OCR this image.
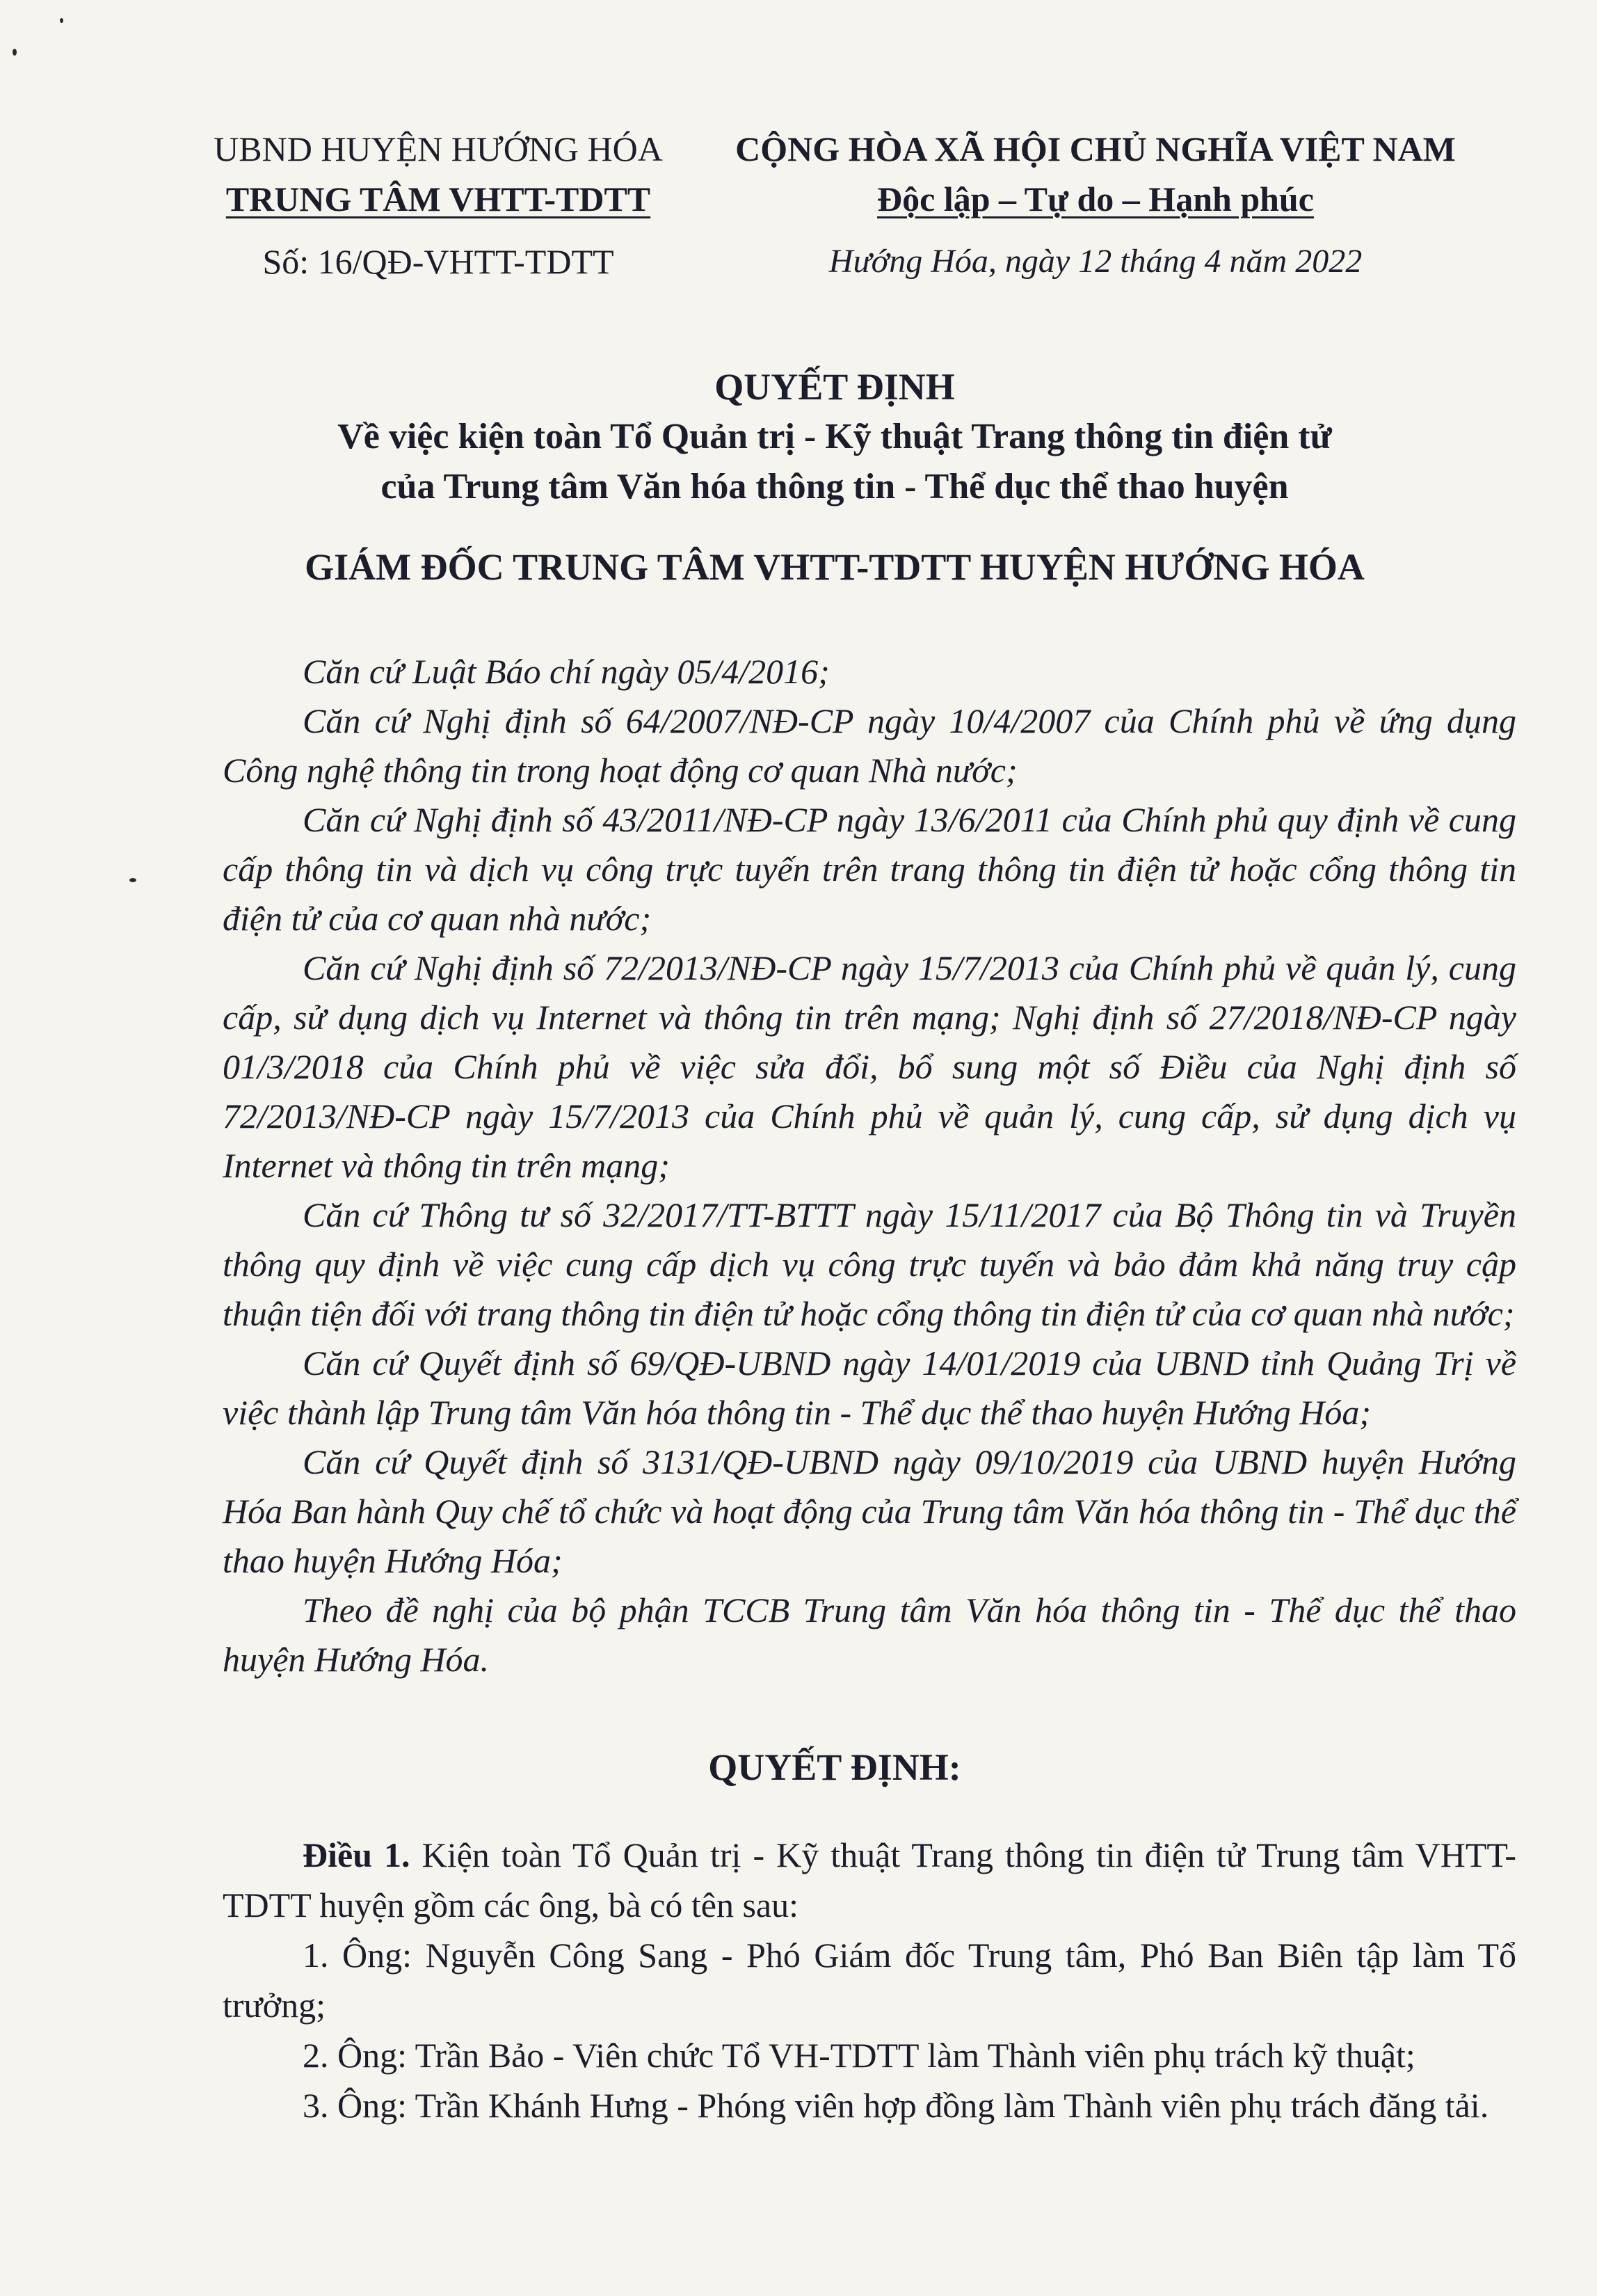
UBND HUYỆN HƯỚNG HÓA
TRUNG TÂM VHTT-TDTT
Số: 16/QĐ-VHTT-TDTT
CỘNG HÒA XÃ HỘI CHỦ NGHĨA VIỆT NAM
Độc lập – Tự do – Hạnh phúc
Hướng Hóa, ngày 12 tháng 4 năm 2022
QUYẾT ĐỊNH
Về việc kiện toàn Tổ Quản trị - Kỹ thuật Trang thông tin điện tử
của Trung tâm Văn hóa thông tin - Thể dục thể thao huyện
GIÁM ĐỐC TRUNG TÂM VHTT-TDTT HUYỆN HƯỚNG HÓA

Căn cứ Luật Báo chí ngày 05/4/2016;

Căn cứ Nghị định số 64/2007/NĐ-CP ngày 10/4/2007 của Chính phủ về ứng dụng Công nghệ thông tin trong hoạt động cơ quan Nhà nước;

Căn cứ Nghị định số 43/2011/NĐ-CP ngày 13/6/2011 của Chính phủ quy định về cung cấp thông tin và dịch vụ công trực tuyến trên trang thông tin điện tử hoặc cổng thông tin điện tử của cơ quan nhà nước;

Căn cứ Nghị định số 72/2013/NĐ-CP ngày 15/7/2013 của Chính phủ về quản lý, cung cấp, sử dụng dịch vụ Internet và thông tin trên mạng; Nghị định số 27/2018/NĐ-CP ngày 01/3/2018 của Chính phủ về việc sửa đổi, bổ sung một số Điều của Nghị định số 72/2013/NĐ-CP ngày 15/7/2013 của Chính phủ về quản lý, cung cấp, sử dụng dịch vụ Internet và thông tin trên mạng;

Căn cứ Thông tư số 32/2017/TT-BTTT ngày 15/11/2017 của Bộ Thông tin và Truyền thông quy định về việc cung cấp dịch vụ công trực tuyến và bảo đảm khả năng truy cập thuận tiện đối với trang thông tin điện tử hoặc cổng thông tin điện tử của cơ quan nhà nước;

Căn cứ Quyết định số 69/QĐ-UBND ngày 14/01/2019 của UBND tỉnh Quảng Trị về việc thành lập Trung tâm Văn hóa thông tin - Thể dục thể thao huyện Hướng Hóa;

Căn cứ Quyết định số 3131/QĐ-UBND ngày 09/10/2019 của UBND huyện Hướng Hóa Ban hành Quy chế tổ chức và hoạt động của Trung tâm Văn hóa thông tin - Thể dục thể thao huyện Hướng Hóa;

Theo đề nghị của bộ phận TCCB Trung tâm Văn hóa thông tin - Thể dục thể thao huyện Hướng Hóa.

QUYẾT ĐỊNH:

Điều 1. Kiện toàn Tổ Quản trị - Kỹ thuật Trang thông tin điện tử Trung tâm VHTT-TDTT huyện gồm các ông, bà có tên sau:

1. Ông: Nguyễn Công Sang - Phó Giám đốc Trung tâm, Phó Ban Biên tập làm Tổ trưởng;

2. Ông: Trần Bảo - Viên chức Tổ VH-TDTT làm Thành viên phụ trách kỹ thuật;

3. Ông: Trần Khánh Hưng - Phóng viên hợp đồng làm Thành viên phụ trách đăng tải.
